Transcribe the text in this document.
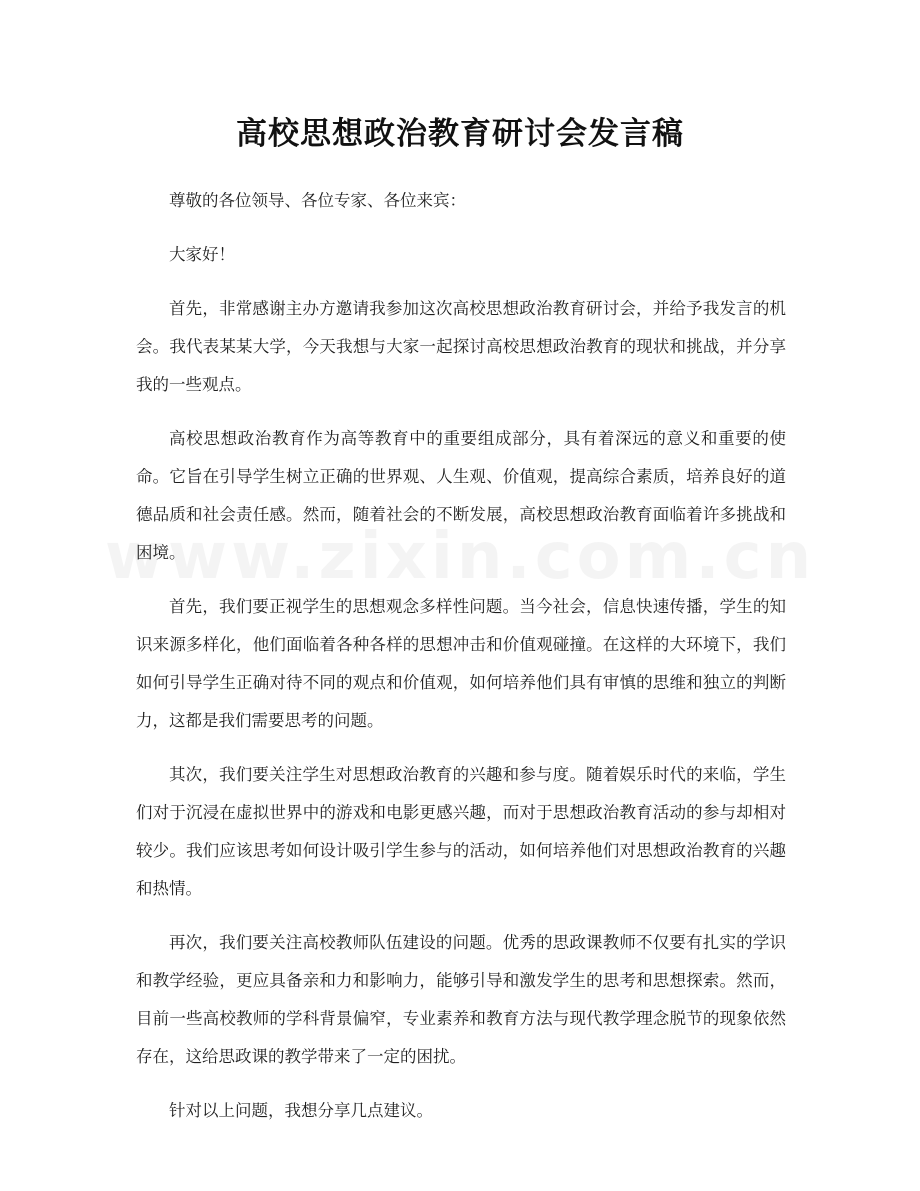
高校思想政治教育研讨会发言稿

尊敬的各位领导、各位专家、各位来宾：

大家好！

首先，非常感谢主办方邀请我参加这次高校思想政治教育研讨会，并给予我发言的机会。我代表某某大学，今天我想与大家一起探讨高校思想政治教育的现状和挑战，并分享我的一些观点。

高校思想政治教育作为高等教育中的重要组成部分，具有着深远的意义和重要的使命。它旨在引导学生树立正确的世界观、人生观、价值观，提高综合素质，培养良好的道德品质和社会责任感。然而，随着社会的不断发展，高校思想政治教育面临着许多挑战和困境。

首先，我们要正视学生的思想观念多样性问题。当今社会，信息快速传播，学生的知识来源多样化，他们面临着各种各样的思想冲击和价值观碰撞。在这样的大环境下，我们如何引导学生正确对待不同的观点和价值观，如何培养他们具有审慎的思维和独立的判断力，这都是我们需要思考的问题。

其次，我们要关注学生对思想政治教育的兴趣和参与度。随着娱乐时代的来临，学生们对于沉浸在虚拟世界中的游戏和电影更感兴趣，而对于思想政治教育活动的参与却相对较少。我们应该思考如何设计吸引学生参与的活动，如何培养他们对思想政治教育的兴趣和热情。

再次，我们要关注高校教师队伍建设的问题。优秀的思政课教师不仅要有扎实的学识和教学经验，更应具备亲和力和影响力，能够引导和激发学生的思考和思想探索。然而，目前一些高校教师的学科背景偏窄，专业素养和教育方法与现代教学理念脱节的现象依然存在，这给思政课的教学带来了一定的困扰。

针对以上问题，我想分享几点建议。
